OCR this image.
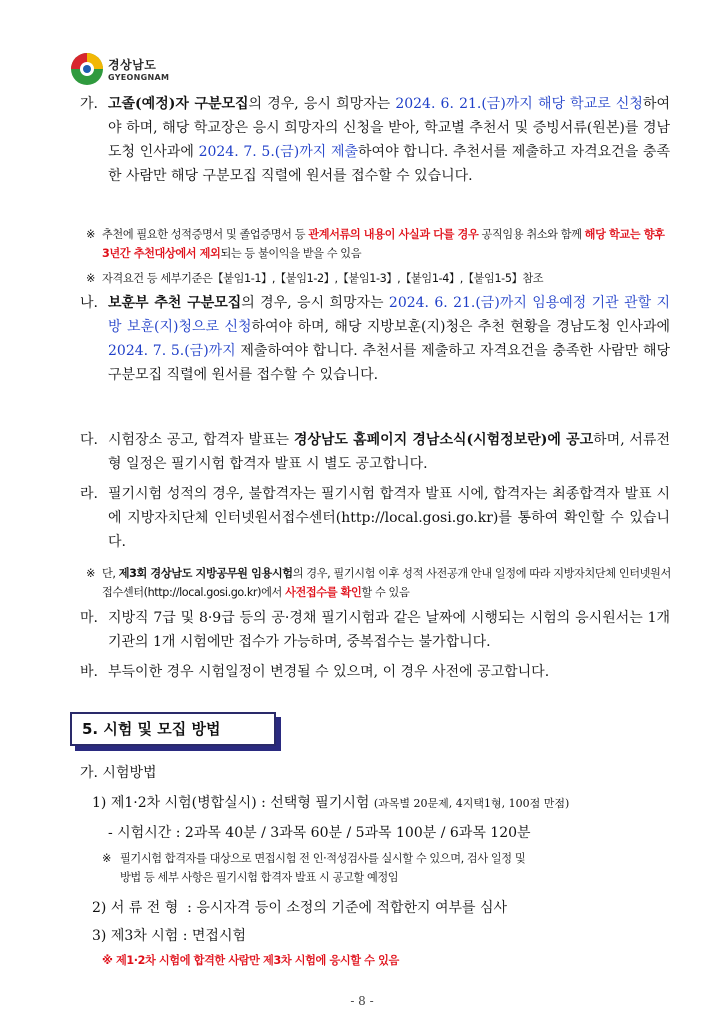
경상남도
GYEONGNAM
가. 고졸(예정)자 구분모집의 경우, 응시 희망자는 2024. 6. 21.(금)까지 해당 학교로 신청하여야 하며, 해당 학교장은 응시 희망자의 신청을 받아, 학교별 추천서 및 증빙서류(원본)를 경남도청 인사과에 2024. 7. 5.(금)까지 제출하여야 합니다. 추천서를 제출하고 자격요건을 충족한 사람만 해당 구분모집 직렬에 원서를 접수할 수 있습니다.
※ 추천에 필요한 성적증명서 및 졸업증명서 등 관계서류의 내용이 사실과 다를 경우 공직임용 취소와 함께 해당 학교는 향후 3년간 추천대상에서 제외되는 등 불이익을 받을 수 있음
※ 자격요건 등 세부기준은【붙임1-1】,【붙임1-2】,【붙임1-3】,【붙임1-4】,【붙임1-5】참조
나. 보훈부 추천 구분모집의 경우, 응시 희망자는 2024. 6. 21.(금)까지 임용예정 기관 관할 지방 보훈(지)청으로 신청하여야 하며, 해당 지방보훈(지)청은 추천 현황을 경남도청 인사과에 2024. 7. 5.(금)까지 제출하여야 합니다. 추천서를 제출하고 자격요건을 충족한 사람만 해당 구분모집 직렬에 원서를 접수할 수 있습니다.
다. 시험장소 공고, 합격자 발표는 경상남도 홈페이지 경남소식(시험정보란)에 공고하며, 서류전형 일정은 필기시험 합격자 발표 시 별도 공고합니다.
라. 필기시험 성적의 경우, 불합격자는 필기시험 합격자 발표 시에, 합격자는 최종합격자 발표 시에 지방자치단체 인터넷원서접수센터(http://local.gosi.go.kr)를 통하여 확인할 수 있습니다.
※ 단, 제3회 경상남도 지방공무원 임용시험의 경우, 필기시험 이후 성적 사전공개 안내 일정에 따라 지방자치단체 인터넷원서접수센터(http://local.gosi.go.kr)에서 사전접수를 확인할 수 있음
마. 지방직 7급 및 8·9급 등의 공·경채 필기시험과 같은 날짜에 시행되는 시험의 응시원서는 1개 기관의 1개 시험에만 접수가 가능하며, 중복접수는 불가합니다.
바. 부득이한 경우 시험일정이 변경될 수 있으며, 이 경우 사전에 공고합니다.
5. 시험 및 모집 방법
가. 시험방법
1) 제1·2차 시험(병합실시) : 선택형 필기시험 (과목별 20문제, 4지택1형, 100점 만점)
- 시험시간 : 2과목 40분 / 3과목 60분 / 5과목 100분 / 6과목 120분
※ 필기시험 합격자를 대상으로 면접시험 전 인·적성검사를 실시할 수 있으며, 검사 일정 및
방법 등 세부 사항은 필기시험 합격자 발표 시 공고할 예정임
2) 서 류 전 형  : 응시자격 등이 소정의 기준에 적합한지 여부를 심사
3) 제3차 시험 : 면접시험
※ 제1·2차 시험에 합격한 사람만 제3차 시험에 응시할 수 있음
- 8 -
